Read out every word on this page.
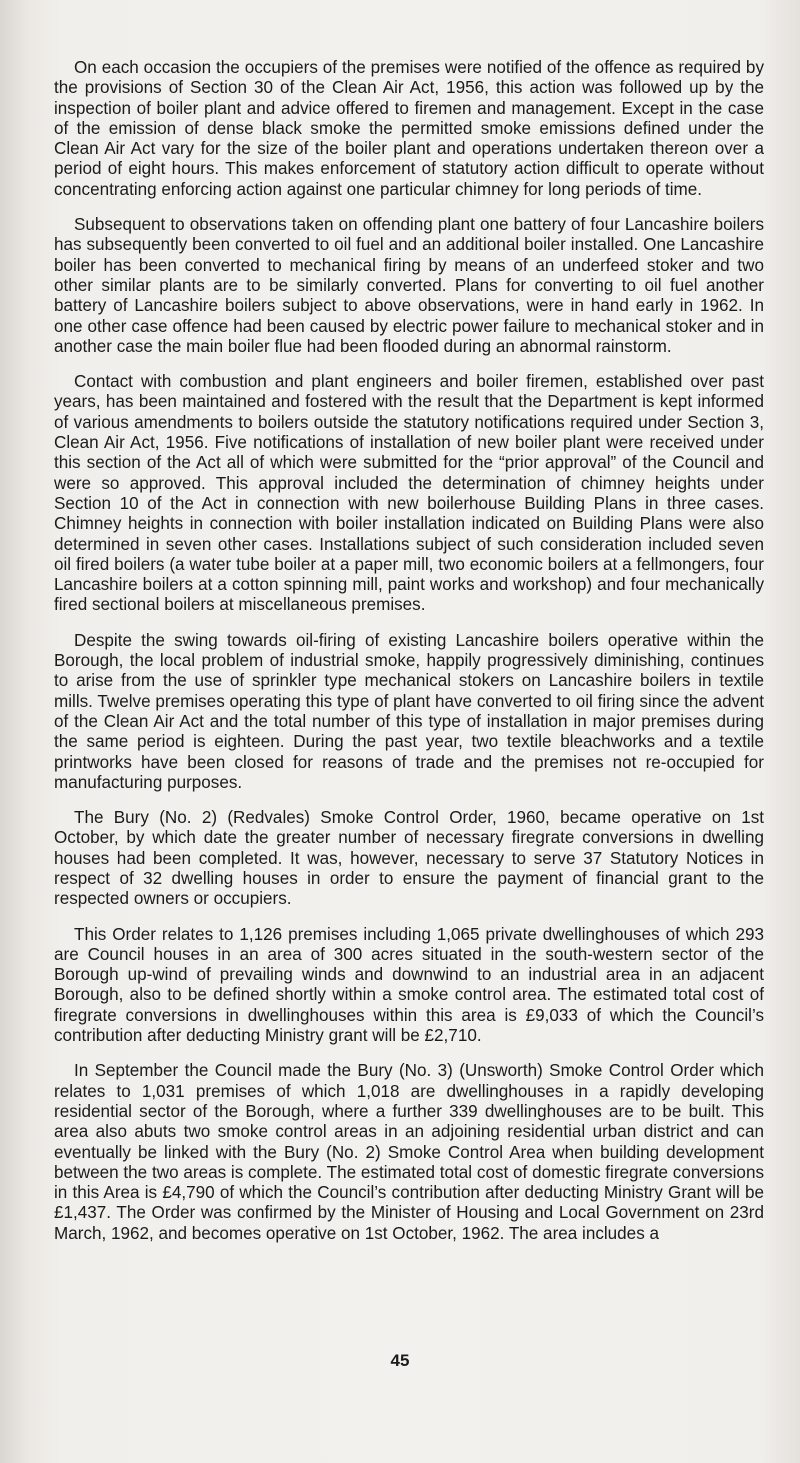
On each occasion the occupiers of the premises were notified of the offence as required by the provisions of Section 30 of the Clean Air Act, 1956, this action was followed up by the inspection of boiler plant and advice offered to firemen and management. Except in the case of the emission of dense black smoke the permitted smoke emissions defined under the Clean Air Act vary for the size of the boiler plant and operations undertaken thereon over a period of eight hours. This makes enforcement of statutory action difficult to operate without concentrating enforcing action against one particular chimney for long periods of time.

Subsequent to observations taken on offending plant one battery of four Lancashire boilers has subsequently been converted to oil fuel and an additional boiler installed. One Lancashire boiler has been converted to mechanical firing by means of an underfeed stoker and two other similar plants are to be similarly converted. Plans for converting to oil fuel another battery of Lancashire boilers subject to above observations, were in hand early in 1962. In one other case offence had been caused by electric power failure to mechanical stoker and in another case the main boiler flue had been flooded during an abnormal rainstorm.

Contact with combustion and plant engineers and boiler firemen, established over past years, has been maintained and fostered with the result that the Department is kept informed of various amendments to boilers outside the statutory notifications required under Section 3, Clean Air Act, 1956. Five notifications of installation of new boiler plant were received under this section of the Act all of which were submitted for the “prior approval” of the Council and were so approved. This approval included the determination of chimney heights under Section 10 of the Act in connection with new boilerhouse Building Plans in three cases. Chimney heights in connection with boiler installation indicated on Building Plans were also determined in seven other cases. Installations subject of such consideration included seven oil fired boilers (a water tube boiler at a paper mill, two economic boilers at a fellmongers, four Lancashire boilers at a cotton spinning mill, paint works and workshop) and four mechanically fired sectional boilers at miscellaneous premises.

Despite the swing towards oil-firing of existing Lancashire boilers operative within the Borough, the local problem of industrial smoke, happily progressively diminishing, continues to arise from the use of sprinkler type mechanical stokers on Lancashire boilers in textile mills. Twelve premises operating this type of plant have converted to oil firing since the advent of the Clean Air Act and the total number of this type of installation in major premises during the same period is eighteen. During the past year, two textile bleachworks and a textile printworks have been closed for reasons of trade and the premises not re-occupied for manufacturing purposes.

The Bury (No. 2) (Redvales) Smoke Control Order, 1960, became operative on 1st October, by which date the greater number of necessary firegrate conversions in dwelling houses had been completed. It was, however, necessary to serve 37 Statutory Notices in respect of 32 dwelling houses in order to ensure the payment of financial grant to the respected owners or occupiers.

This Order relates to 1,126 premises including 1,065 private dwellinghouses of which 293 are Council houses in an area of 300 acres situated in the south-western sector of the Borough up-wind of prevailing winds and downwind to an industrial area in an adjacent Borough, also to be defined shortly within a smoke control area. The estimated total cost of firegrate conversions in dwellinghouses within this area is £9,033 of which the Council’s contribution after deducting Ministry grant will be £2,710.

In September the Council made the Bury (No. 3) (Unsworth) Smoke Control Order which relates to 1,031 premises of which 1,018 are dwellinghouses in a rapidly developing residential sector of the Borough, where a further 339 dwellinghouses are to be built. This area also abuts two smoke control areas in an adjoining residential urban district and can eventually be linked with the Bury (No. 2) Smoke Control Area when building development between the two areas is complete. The estimated total cost of domestic firegrate conversions in this Area is £4,790 of which the Council’s contribution after deducting Ministry Grant will be £1,437. The Order was confirmed by the Minister of Housing and Local Government on 23rd March, 1962, and becomes operative on 1st October, 1962. The area includes a

45
